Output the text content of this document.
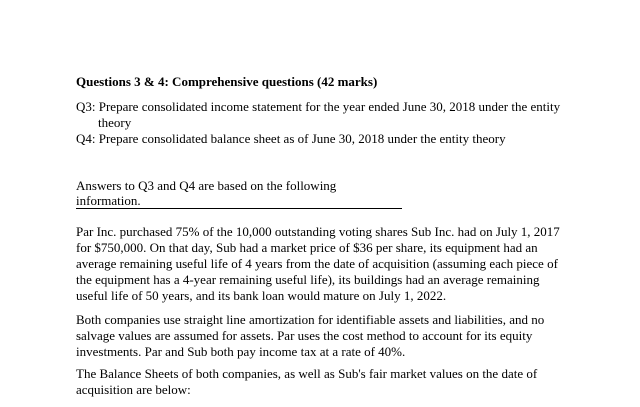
Questions 3 & 4: Comprehensive questions (42 marks)

Q3: Prepare consolidated income statement for the year ended June 30, 2018 under the entity theory

Q4: Prepare consolidated balance sheet as of June 30, 2018 under the entity theory

Answers to Q3 and Q4 are based on the following information.

Par Inc. purchased 75% of the 10,000 outstanding voting shares Sub Inc. had on July 1, 2017 for $750,000. On that day, Sub had a market price of $36 per share, its equipment had an average remaining useful life of 4 years from the date of acquisition (assuming each piece of the equipment has a 4-year remaining useful life), its buildings had an average remaining useful life of 50 years, and its bank loan would mature on July 1, 2022.

Both companies use straight line amortization for identifiable assets and liabilities, and no salvage values are assumed for assets. Par uses the cost method to account for its equity investments. Par and Sub both pay income tax at a rate of 40%.

The Balance Sheets of both companies, as well as Sub's fair market values on the date of acquisition are below:
